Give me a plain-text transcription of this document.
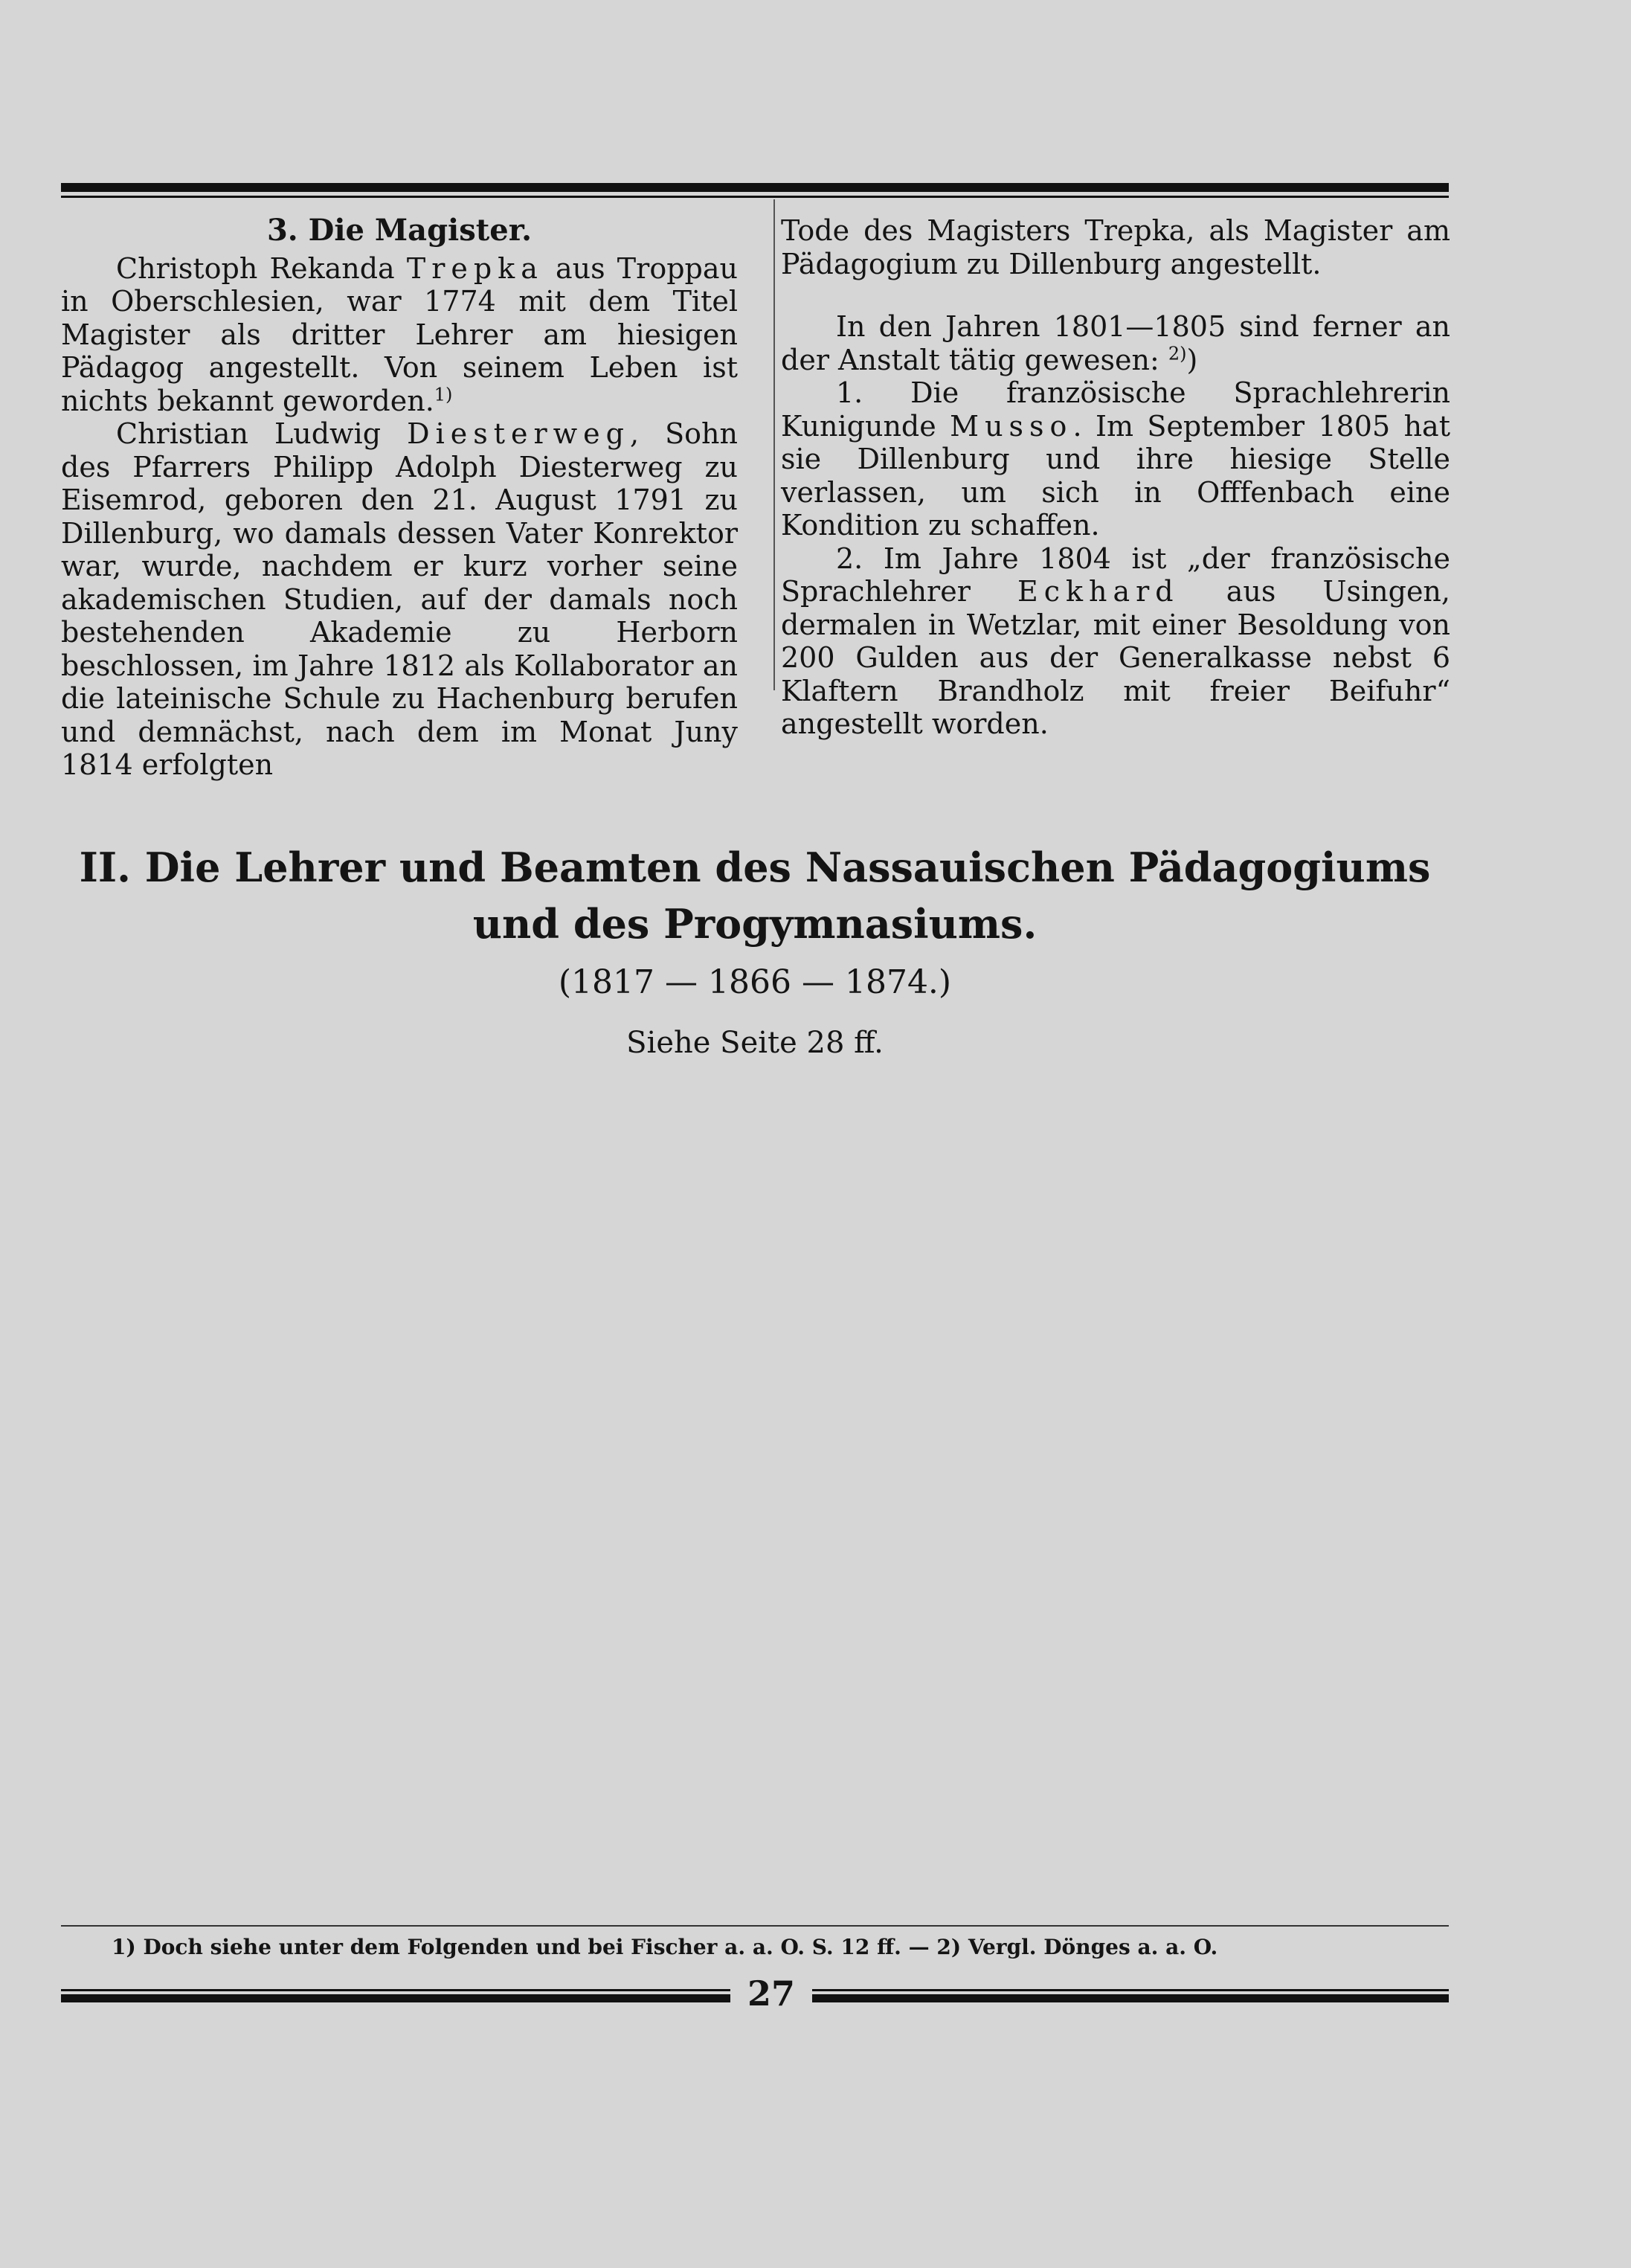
3. Die Magister.

Christoph Rekanda Trepka aus Troppau in Oberschlesien, war 1774 mit dem Titel Magister als dritter Lehrer am hiesigen Pädagog angestellt. Von seinem Leben ist nichts bekannt geworden.$^{1)}$

Christian Ludwig Diesterweg, Sohn des Pfarrers Philipp Adolph Diesterweg zu Eisemrod, geboren den 21. August 1791 zu Dillenburg, wo damals dessen Vater Konrektor war, wurde, nachdem er kurz vorher seine akademischen Studien, auf der damals noch bestehenden Akademie zu Herborn beschlossen, im Jahre 1812 als Kollaborator an die lateinische Schule zu Hachenburg berufen und demnächst, nach dem im Monat Juny 1814 erfolgten

Tode des Magisters Trepka, als Magister am Pädagogium zu Dillenburg angestellt.

In den Jahren 1801—1805 sind ferner an der Anstalt tätig gewesen: $^{2)}$)

1. Die französische Sprachlehrerin Kunigunde Musso. Im September 1805 hat sie Dillenburg und ihre hiesige Stelle verlassen, um sich in Offfenbach eine Kondition zu schaffen.

2. Im Jahre 1804 ist „der französische Sprachlehrer Eckhard aus Usingen, dermalen in Wetzlar, mit einer Besoldung von 200 Gulden aus der Generalkasse nebst 6 Klaftern Brandholz mit freier Beifuhr“ angestellt worden.

II. Die Lehrer und Beamten des Nassauischen Pädagogiums
und des Progymnasiums.
(1817 — 1866 — 1874.)
Siehe Seite 28 ff.
1) Doch siehe unter dem Folgenden und bei Fischer a. a. O. S. 12 ff. — 2) Vergl. Dönges a. a. O.
27
